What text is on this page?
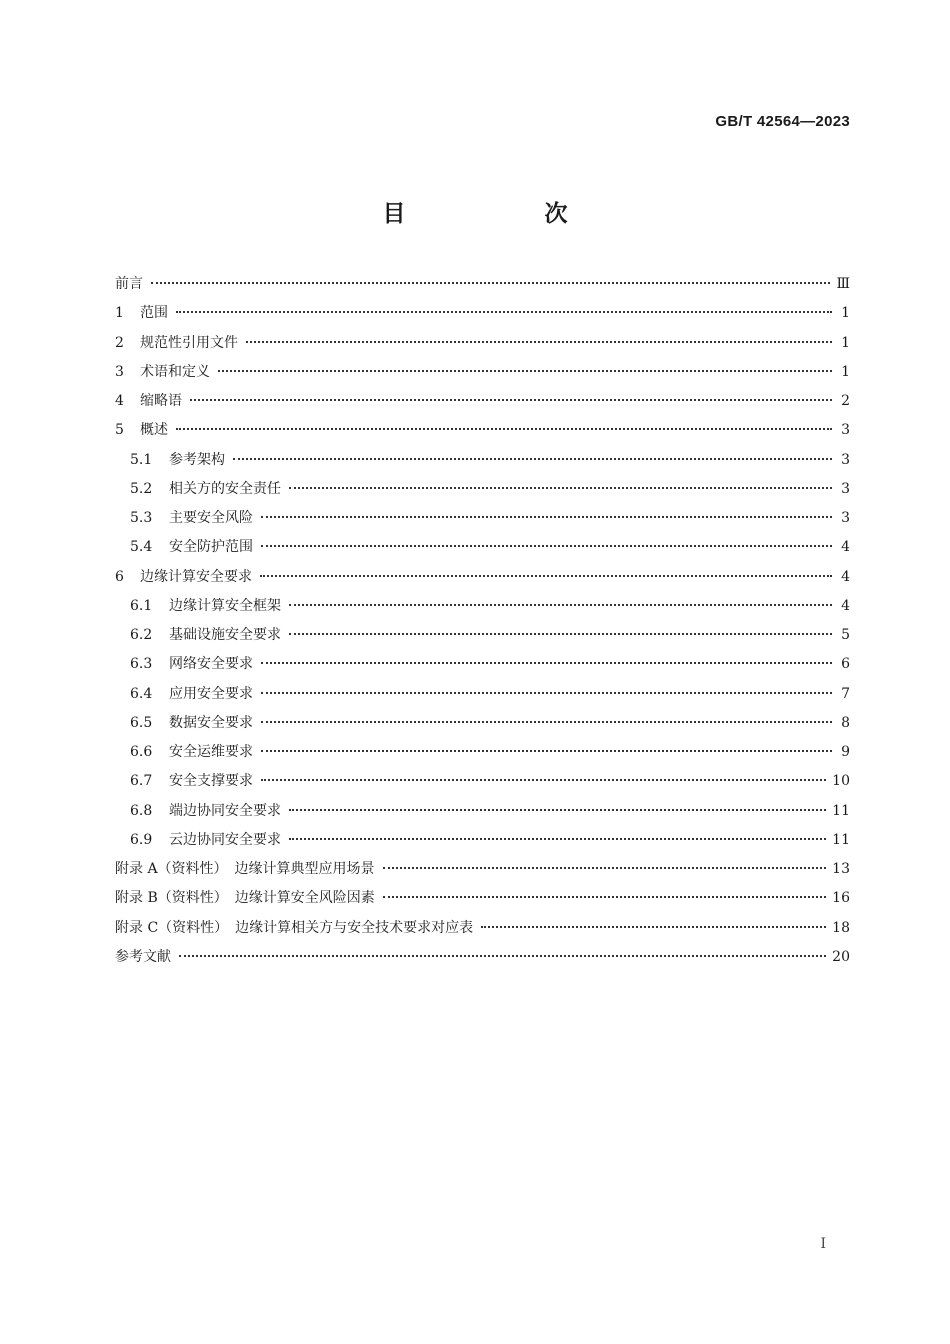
GB/T 42564—2023
目　次
前言	Ⅲ
1	范围	1
2	规范性引用文件	1
3	术语和定义	1
4	缩略语	2
5	概述	3
5.1	参考架构	3
5.2	相关方的安全责任	3
5.3	主要安全风险	3
5.4	安全防护范围	4
6	边缘计算安全要求	4
6.1	边缘计算安全框架	4
6.2	基础设施安全要求	5
6.3	网络安全要求	6
6.4	应用安全要求	7
6.5	数据安全要求	8
6.6	安全运维要求	9
6.7	安全支撑要求	10
6.8	端边协同安全要求	11
6.9	云边协同安全要求	11
附录 A（资料性）　边缘计算典型应用场景	13
附录 B（资料性）　边缘计算安全风险因素	16
附录 C（资料性）　边缘计算相关方与安全技术要求对应表	18
参考文献	20
I
